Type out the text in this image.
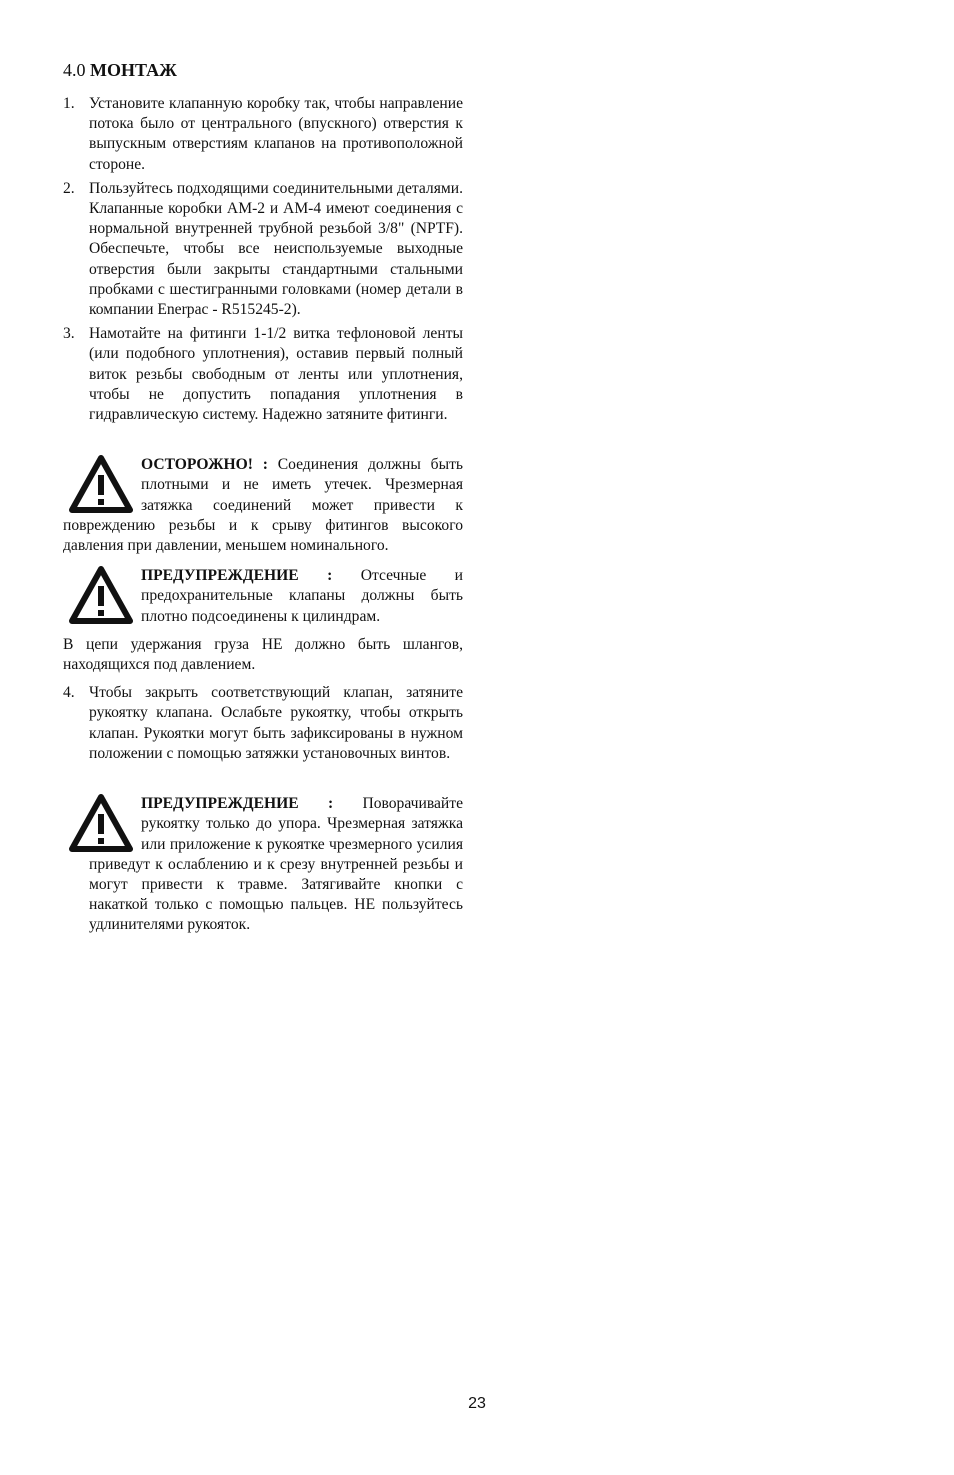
4.0 МОНТАЖ
1. Установите клапанную коробку так, чтобы направление потока было от центрального (впускного) отверстия к выпускным отверстиям клапанов на противоположной стороне.
2. Пользуйтесь подходящими соединительными деталями. Клапанные коробки AM-2 и AM-4 имеют соединения с нормальной внутренней трубной резьбой 3/8" (NPTF). Обеспечьте, чтобы все неиспользуемые выходные отверстия были закрыты стандартными стальными пробками с шестигранными головками (номер детали в компании Enerpac - R515245-2).
3. Намотайте на фитинги 1-1/2 витка тефлоновой ленты (или подобного уплотнения), оставив первый полный виток резьбы свободным от ленты или уплотнения, чтобы не допустить попадания уплотнения в гидравлическую систему. Надежно затяните фитинги.
ОСТОРОЖНО! : Соединения должны быть плотными и не иметь утечек. Чрезмерная затяжка соединений может привести к повреждению резьбы и к срыву фитингов высокого давления при давлении, меньшем номинального.
ПРЕДУПРЕЖДЕНИЕ : Отсечные и предохранительные клапаны должны быть плотно подсоединены к цилиндрам.
В цепи удержания груза НЕ должно быть шлангов, находящихся под давлением.
4. Чтобы закрыть соответствующий клапан, затяните рукоятку клапана. Ослабьте рукоятку, чтобы открыть клапан. Рукоятки могут быть зафиксированы в нужном положении с помощью затяжки установочных винтов.
ПРЕДУПРЕЖДЕНИЕ : Поворачивайте рукоятку только до упора. Чрезмерная затяжка или приложение к рукоятке чрезмерного усилия приведут к ослаблению и к срезу внутренней резьбы и могут привести к травме. Затягивайте кнопки с накаткой только с помощью пальцев. НЕ пользуйтесь удлинителями рукояток.
23
